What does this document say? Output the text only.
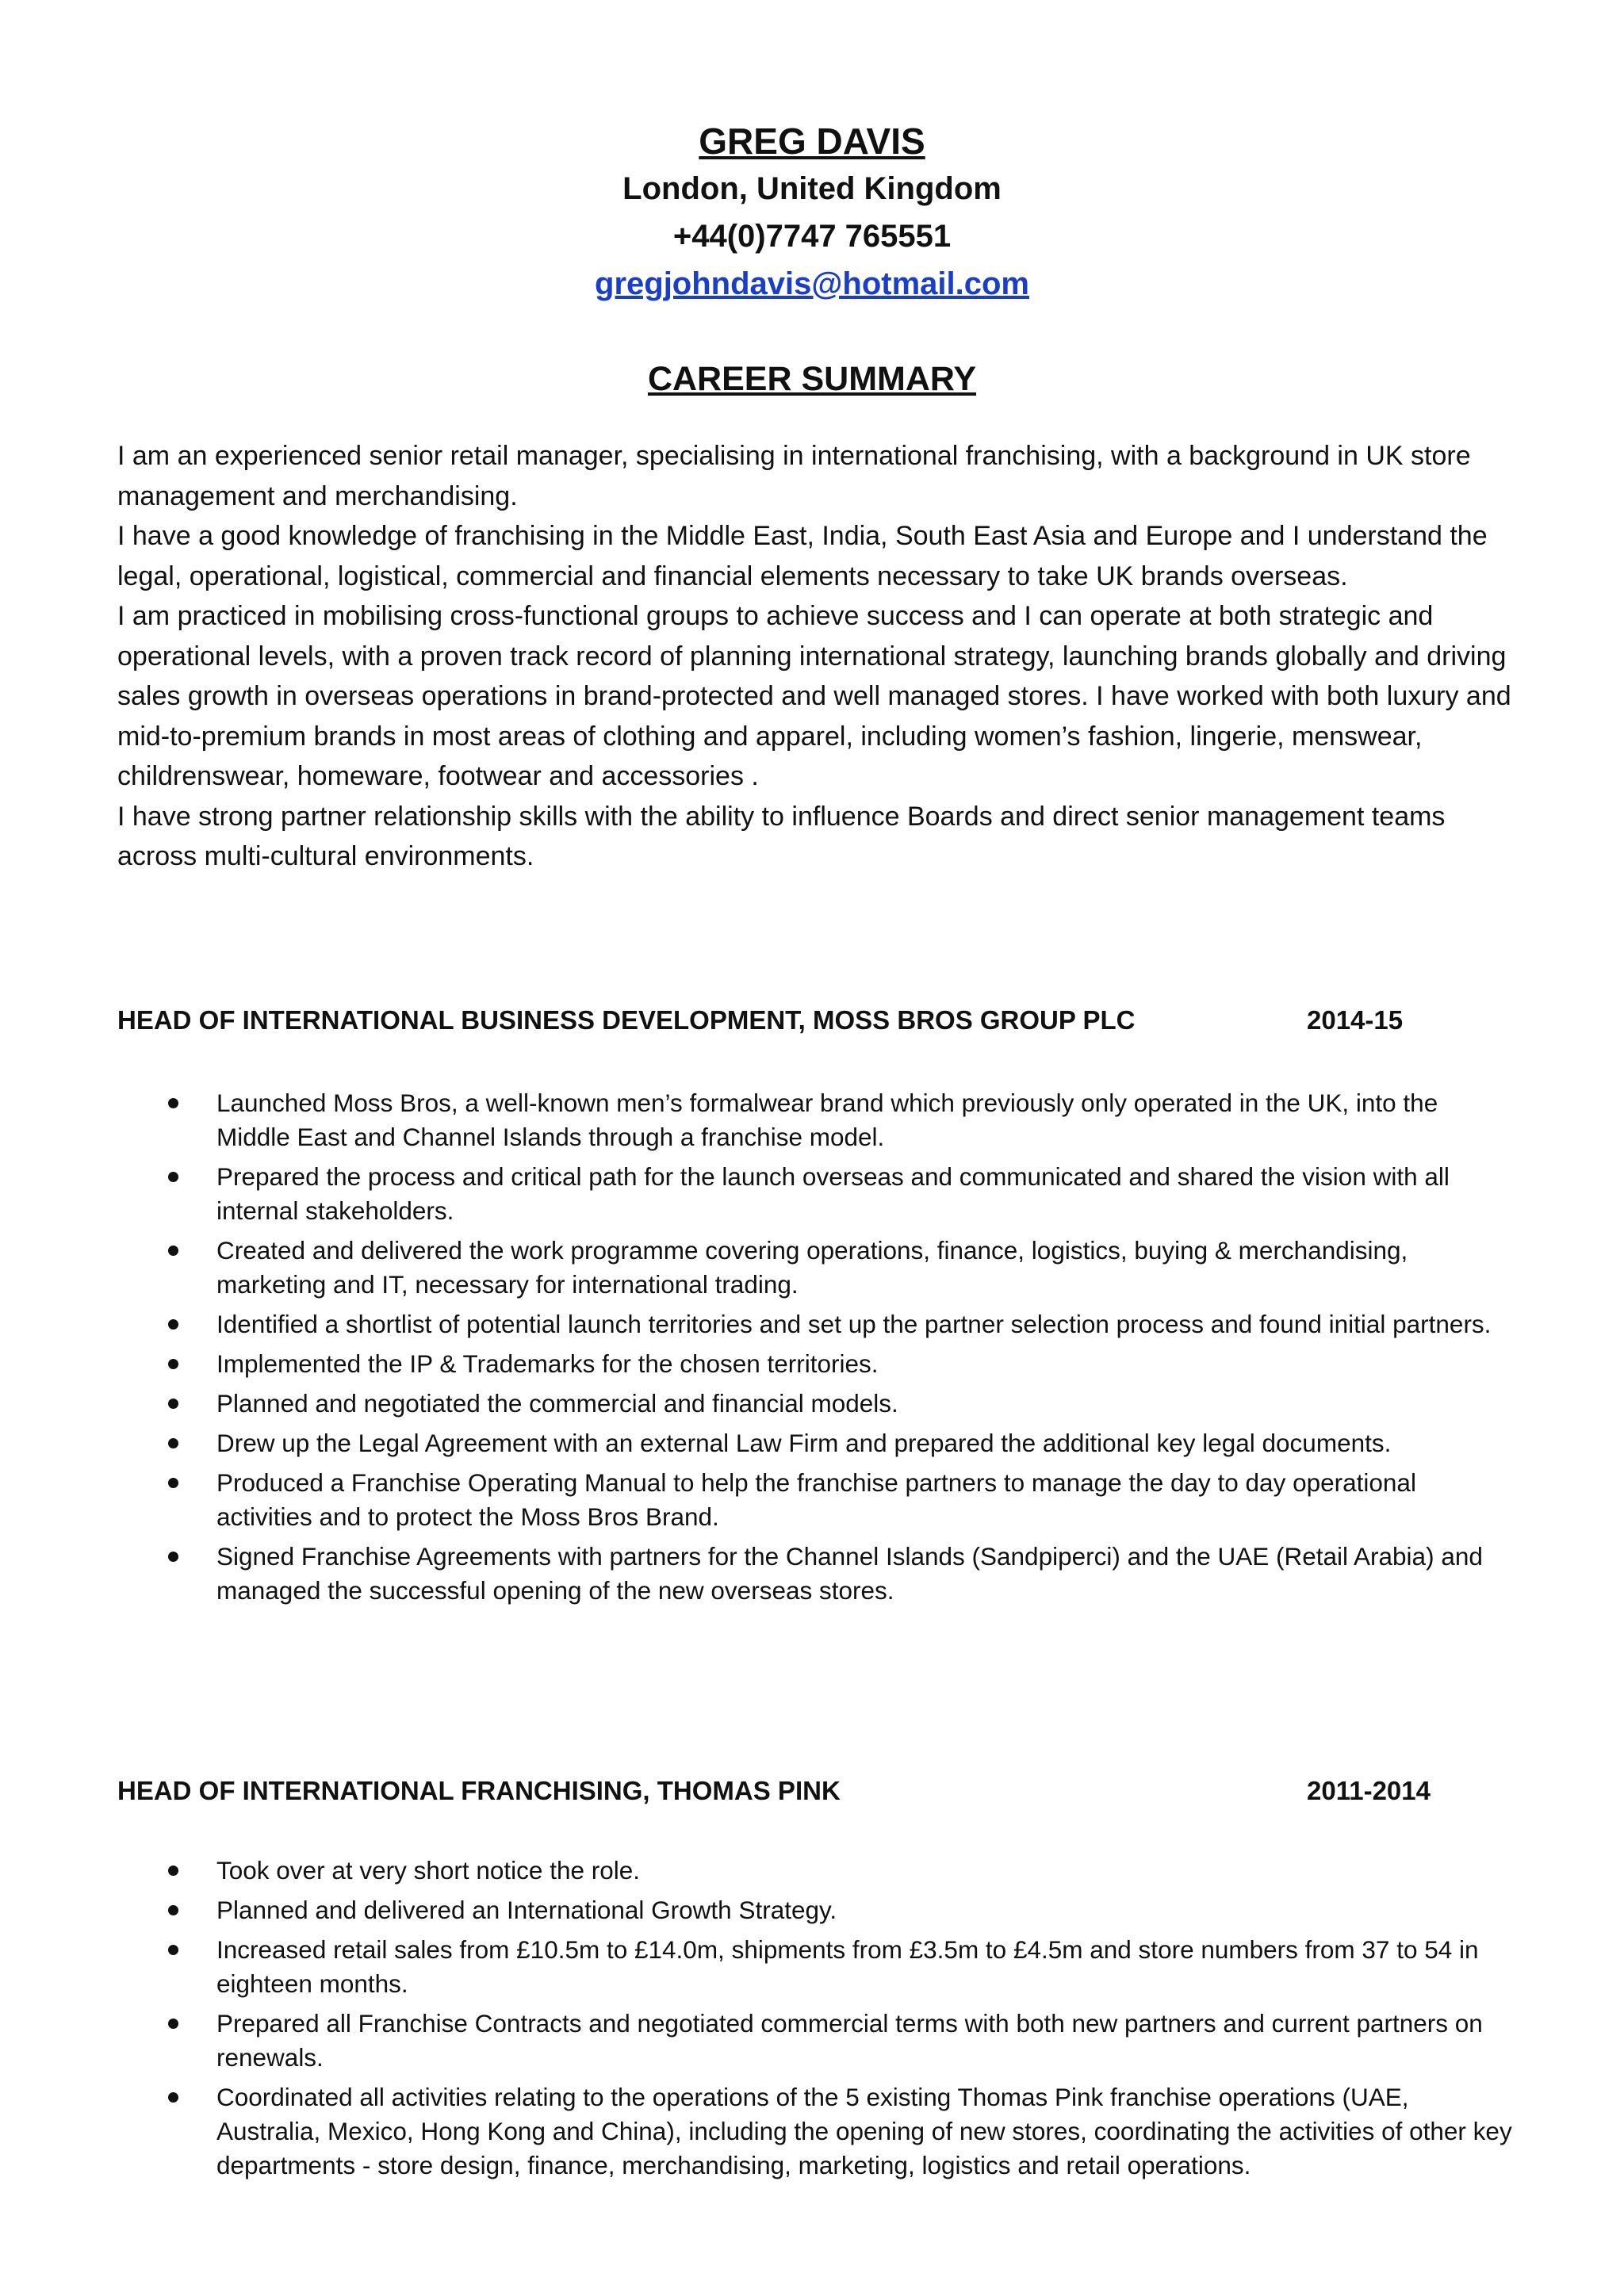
GREG DAVIS
London, United Kingdom
+44(0)7747 765551
gregjohndavis@hotmail.com
CAREER SUMMARY

I am an experienced senior retail manager, specialising in international franchising, with a background in UK store management and merchandising.

I have a good knowledge of franchising in the Middle East, India, South East Asia and Europe and I understand the legal, operational, logistical, commercial and financial elements necessary to take UK brands overseas.

I am practiced in mobilising cross-functional groups to achieve success and I can operate at both strategic and operational levels, with a proven track record of planning international strategy, launching brands globally and driving sales growth in overseas operations in brand-protected and well managed stores. I have worked with both luxury and mid-to-premium brands in most areas of clothing and apparel, including women’s fashion, lingerie, menswear, childrenswear, homeware, footwear and accessories .

I have strong partner relationship skills with the ability to influence Boards and direct senior management teams across multi-cultural environments.

HEAD OF INTERNATIONAL BUSINESS DEVELOPMENT, MOSS BROS GROUP PLC	2014-15
Launched Moss Bros, a well-known men’s formalwear brand which previously only operated in the UK, into the Middle East and Channel Islands through a franchise model.
Prepared the process and critical path for the launch overseas and communicated and shared the vision with all internal stakeholders.
Created and delivered the work programme covering operations, finance, logistics, buying & merchandising, marketing and IT, necessary for international trading.
Identified a shortlist of potential launch territories and set up the partner selection process and found initial partners.
Implemented the IP & Trademarks for the chosen territories.
Planned and negotiated the commercial and financial models.
Drew up the Legal Agreement with an external Law Firm and prepared the additional key legal documents.
Produced a Franchise Operating Manual to help the franchise partners to manage the day to day operational activities and to protect the Moss Bros Brand.
Signed Franchise Agreements with partners for the Channel Islands (Sandpiperci) and the UAE (Retail Arabia) and managed the successful opening of the new overseas stores.
HEAD OF INTERNATIONAL FRANCHISING, THOMAS PINK	2011-2014
Took over at very short notice the role.
Planned and delivered an International Growth Strategy.
Increased retail sales from £10.5m to £14.0m, shipments from £3.5m to £4.5m and store numbers from 37 to 54 in eighteen months.
Prepared all Franchise Contracts and negotiated commercial terms with both new partners and current partners on renewals.
Coordinated all activities relating to the operations of the 5 existing Thomas Pink franchise operations (UAE, Australia, Mexico, Hong Kong and China), including the opening of new stores, coordinating the activities of other key departments - store design, finance, merchandising, marketing, logistics and retail operations.
